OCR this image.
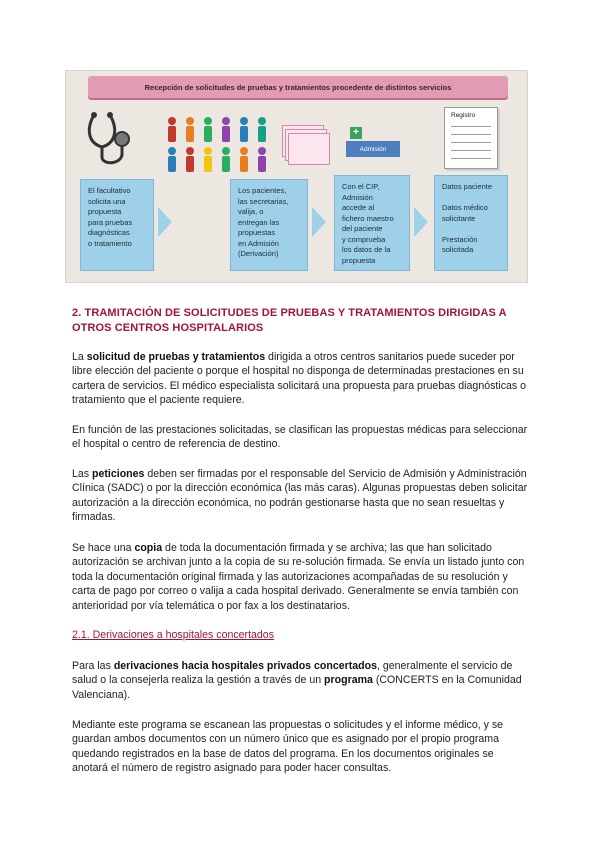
Recepción de solicitudes de pruebas y tratamientos procedente de distintos servicios
+
Admisión
Registro
El facultativo
solicita una
propuesta
para pruebas
diagnósticas
o tratamiento
Los pacientes,
las secretarias,
valija, o
entregan las
propuestas
en Admisión
(Derivación)
Con el CIP,
Admisión
accede al
fichero maestro
del paciente
y comprueba
los datos de la
propuesta
Datos paciente

Datos médico
solicitante

Prestación
solicitada
2. TRAMITACIÓN DE SOLICITUDES DE PRUEBAS Y TRATAMIENTOS DIRIGIDAS A OTROS CENTROS HOSPITALARIOS

La solicitud de pruebas y tratamientos dirigida a otros centros sanitarios puede suceder por libre elección del paciente o porque el hospital no disponga de determinadas prestaciones en su cartera de servicios. El médico especialista solicitará una propuesta para pruebas diagnósticas o tratamiento que el paciente requiere.

En función de las prestaciones solicitadas, se clasifican las propuestas médicas para seleccionar el hospital o centro de referencia de destino.

Las peticiones deben ser firmadas por el responsable del Servicio de Admisión y Administración Clínica (SADC) o por la dirección económica (las más caras). Algunas propuestas deben solicitar autorización a la dirección económica, no podrán gestionarse hasta que no sean resueltas y firmadas.

Se hace una copia de toda la documentación firmada y se archiva; las que han solicitado autorización se archivan junto a la copia de su re-solución firmada. Se envía un listado junto con toda la documentación original firmada y las autorizaciones acompañadas de su resolución y carta de pago por correo o valija a cada hospital derivado. Generalmente se envía también con anterioridad por vía telemática o por fax a los destinatarios.

2.1. Derivaciones a hospitales concertados

Para las derivaciones hacia hospitales privados concertados, generalmente el servicio de salud o la consejerla realiza la gestión a través de un programa (CONCERTS en la Comunidad Valenciana).

Mediante este programa se escanean las propuestas o solicitudes y el informe médico, y se guardan ambos documentos con un número único que es asignado por el propio programa quedando registrados en la base de datos del programa. En los documentos originales se anotará el número de registro asignado para poder hacer consultas.
